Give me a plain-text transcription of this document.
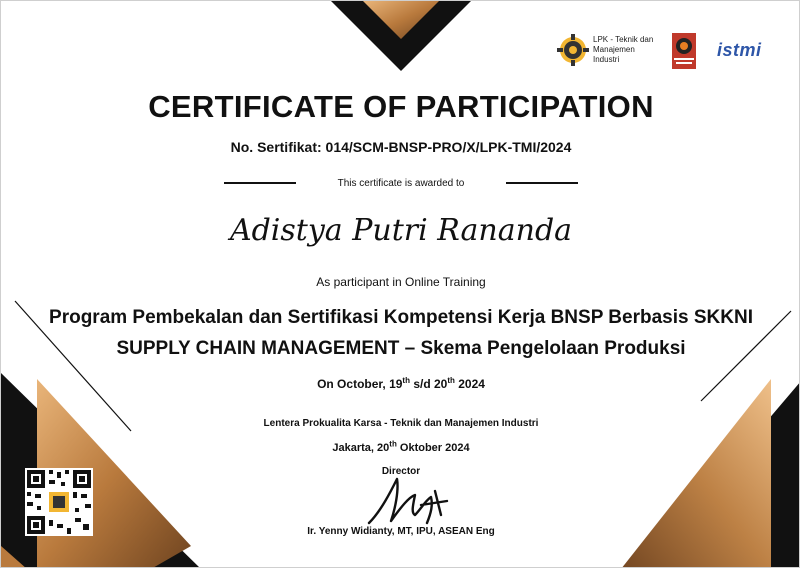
LPK - Teknik dan
Manajemen
Industri	istmi
CERTIFICATE OF PARTICIPATION
No. Sertifikat: 014/SCM-BNSP-PRO/X/LPK-TMI/2024
This certificate is awarded to
Adistya Putri Rananda
As participant in Online Training
Program Pembekalan dan Sertifikasi Kompetensi Kerja BNSP Berbasis SKKNI
SUPPLY CHAIN MANAGEMENT – Skema Pengelolaan Produksi
On October, 19th s/d 20th 2024
Lentera Prokualita Karsa - Teknik dan Manajemen Industri
Jakarta, 20th Oktober 2024
Director
Ir. Yenny Widianty, MT, IPU, ASEAN Eng
